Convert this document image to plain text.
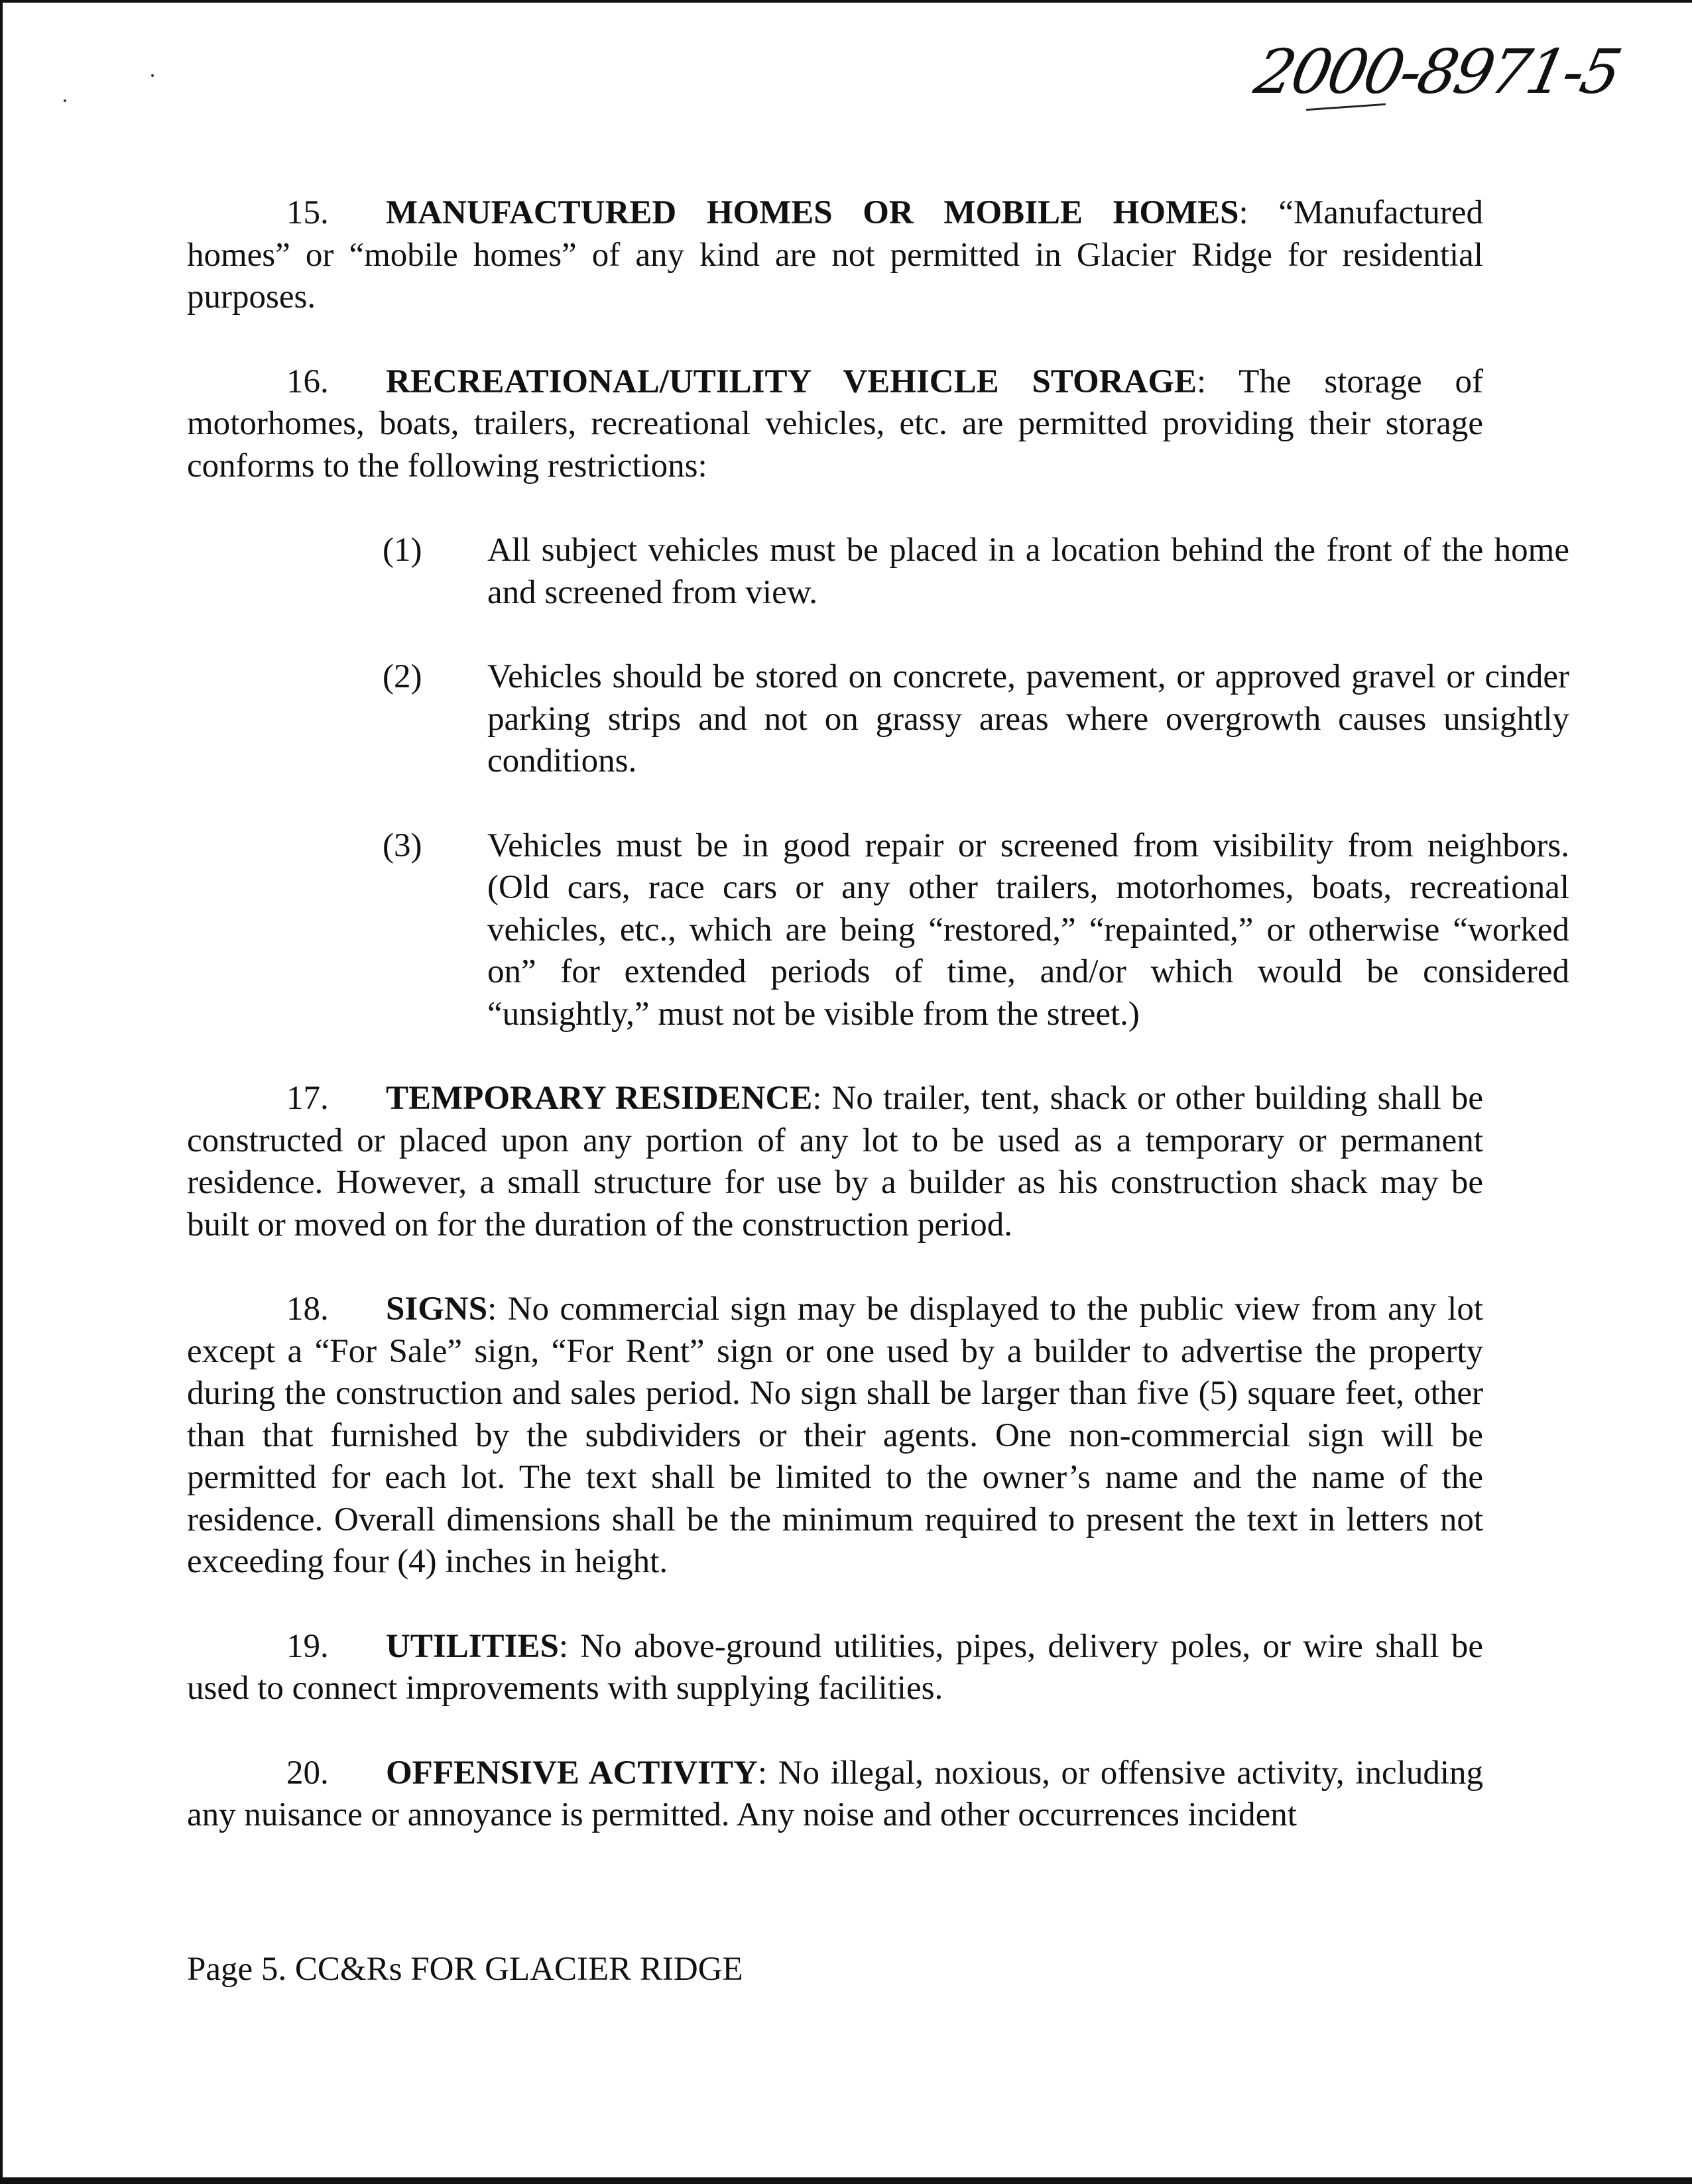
2000-8971-5

15. MANUFACTURED HOMES OR MOBILE HOMES: “Manufactured homes” or “mobile homes” of any kind are not permitted in Glacier Ridge for residential purposes.

16. RECREATIONAL/UTILITY VEHICLE STORAGE: The storage of motorhomes, boats, trailers, recreational vehicles, etc. are permitted providing their storage conforms to the following restrictions:

(1) All subject vehicles must be placed in a location behind the front of the home and screened from view.
(2) Vehicles should be stored on concrete, pavement, or approved gravel or cinder parking strips and not on grassy areas where overgrowth causes unsightly conditions.
(3) Vehicles must be in good repair or screened from visibility from neighbors. (Old cars, race cars or any other trailers, motorhomes, boats, recreational vehicles, etc., which are being “restored,” “repainted,” or otherwise “worked on” for extended periods of time, and/or which would be considered “unsightly,” must not be visible from the street.)

17. TEMPORARY RESIDENCE: No trailer, tent, shack or other building shall be constructed or placed upon any portion of any lot to be used as a temporary or permanent residence. However, a small structure for use by a builder as his construction shack may be built or moved on for the duration of the construction period.

18. SIGNS: No commercial sign may be displayed to the public view from any lot except a “For Sale” sign, “For Rent” sign or one used by a builder to advertise the property during the construction and sales period. No sign shall be larger than five (5) square feet, other than that furnished by the subdividers or their agents. One non-commercial sign will be permitted for each lot. The text shall be limited to the owner’s name and the name of the residence. Overall dimensions shall be the minimum required to present the text in letters not exceeding four (4) inches in height.

19. UTILITIES: No above-ground utilities, pipes, delivery poles, or wire shall be used to connect improvements with supplying facilities.

20. OFFENSIVE ACTIVITY: No illegal, noxious, or offensive activity, including any nuisance or annoyance is permitted. Any noise and other occurrences incident

Page 5. CC&Rs FOR GLACIER RIDGE
